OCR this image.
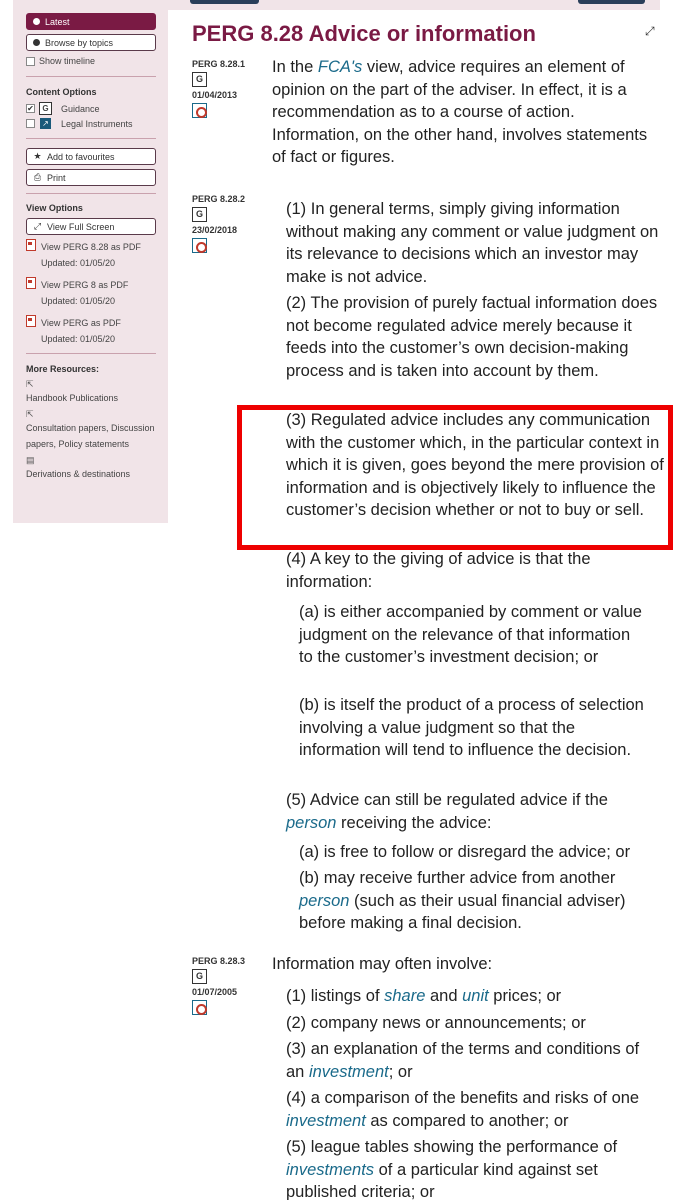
Latest
Browse by topics
Show timeline
Content Options
✔	G	Guidance
↗ Legal Instruments
★ Add to favourites
⎙ Print
View Options
⤢ View Full Screen
View PERG 8.28 as PDF
Updated: 01/05/20
View PERG 8 as PDF
Updated: 01/05/20
View PERG as PDF
Updated: 01/05/20
More Resources:
⇱
Handbook Publications
⇱
Consultation papers, Discussion papers, Policy statements
▤
Derivations & destinations
PERG 8.28 Advice or information	⤢
PERG 8.28.1
G
01/04/2013
In the FCA's view, advice requires an element of opinion on the part of the adviser. In effect, it is a recommendation as to a course of action. Information, on the other hand, involves statements of fact or figures.
PERG 8.28.2
G
23/02/2018
(1) In general terms, simply giving information without making any comment or value judgment on its relevance to decisions which an investor may make is not advice.
(2) The provision of purely factual information does not become regulated advice merely because it feeds into the customer’s own decision-making process and is taken into account by them.
(3) Regulated advice includes any communication with the customer which, in the particular context in which it is given, goes beyond the mere provision of information and is objectively likely to influence the customer’s decision whether or not to buy or sell.
(4) A key to the giving of advice is that the information:
(a) is either accompanied by comment or value judgment on the relevance of that information to the customer’s investment decision; or
(b) is itself the product of a process of selection involving a value judgment so that the information will tend to influence the decision.
(5) Advice can still be regulated advice if the person receiving the advice:
(a) is free to follow or disregard the advice; or
(b) may receive further advice from another person (such as their usual financial adviser) before making a final decision.
PERG 8.28.3
G
01/07/2005
Information may often involve:
(1) listings of share and unit prices; or
(2) company news or announcements; or
(3) an explanation of the terms and conditions of an investment; or
(4) a comparison of the benefits and risks of one investment as compared to another; or
(5) league tables showing the performance of investments of a particular kind against set published criteria; or
